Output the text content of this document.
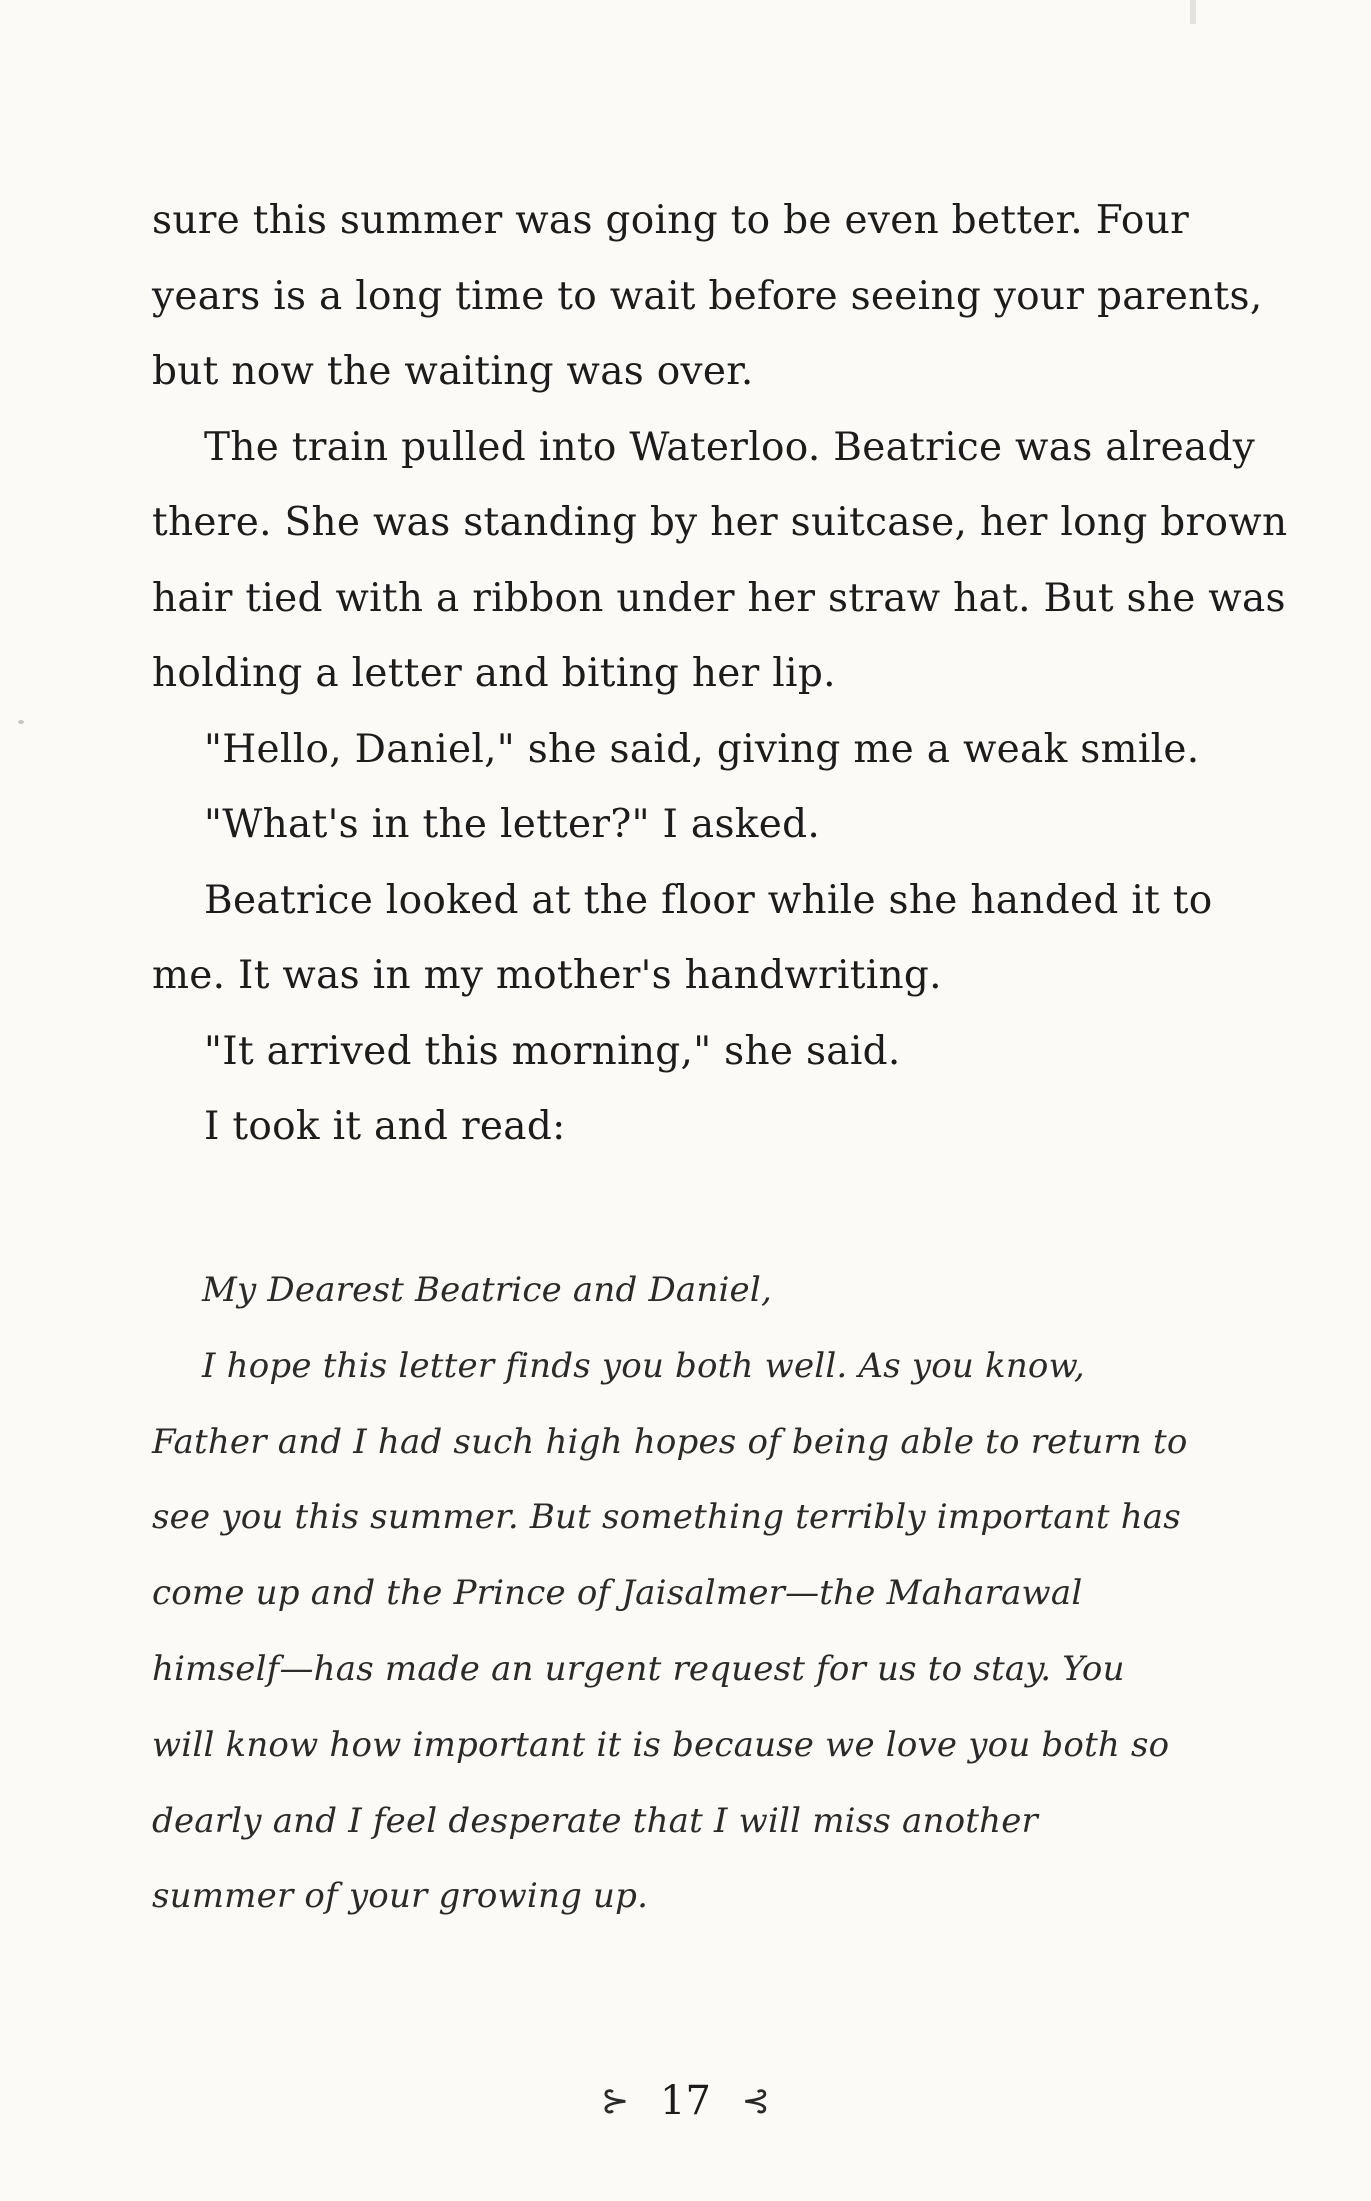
sure this summer was going to be even better. Four

years is a long time to wait before seeing your parents,

but now the waiting was over.

The train pulled into Waterloo. Beatrice was already

there. She was standing by her suitcase, her long brown

hair tied with a ribbon under her straw hat. But she was

holding a letter and biting her lip.

"Hello, Daniel," she said, giving me a weak smile.

"What's in the letter?" I asked.

Beatrice looked at the floor while she handed it to

me. It was in my mother's handwriting.

"It arrived this morning," she said.

I took it and read:

My Dearest Beatrice and Daniel,

I hope this letter finds you both well. As you know,

Father and I had such high hopes of being able to return to

see you this summer. But something terribly important has

come up and the Prince of Jaisalmer—the Maharawal

himself—has made an urgent request for us to stay. You

will know how important it is because we love you both so

dearly and I feel desperate that I will miss another

summer of your growing up.

⊱ 17 ⊰
